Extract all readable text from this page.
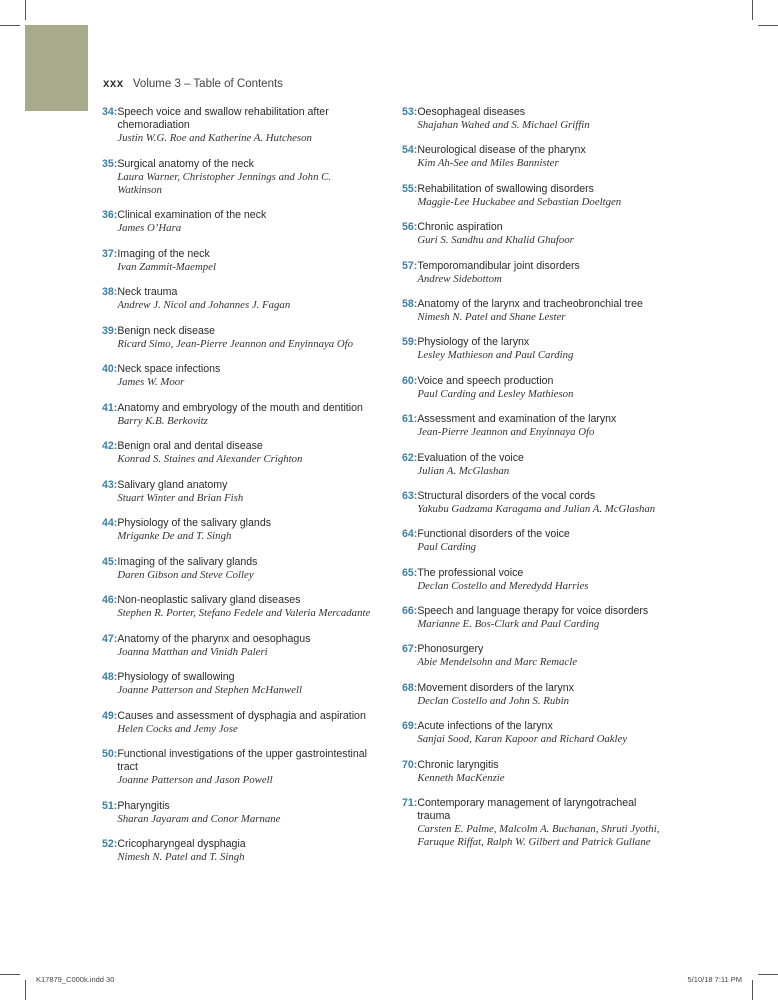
xxx Volume 3 – Table of Contents
34: Speech voice and swallow rehabilitation after chemoradiation
Justin W.G. Roe and Katherine A. Hutcheson
35: Surgical anatomy of the neck
Laura Warner, Christopher Jennings and John C. Watkinson
36: Clinical examination of the neck
James O’Hara
37: Imaging of the neck
Ivan Zammit-Maempel
38: Neck trauma
Andrew J. Nicol and Johannes J. Fagan
39: Benign neck disease
Ricard Simo, Jean-Pierre Jeannon and Enyinnaya Ofo
40: Neck space infections
James W. Moor
41: Anatomy and embryology of the mouth and dentition
Barry K.B. Berkovitz
42: Benign oral and dental disease
Konrad S. Staines and Alexander Crighton
43: Salivary gland anatomy
Stuart Winter and Brian Fish
44: Physiology of the salivary glands
Mriganke De and T. Singh
45: Imaging of the salivary glands
Daren Gibson and Steve Colley
46: Non-neoplastic salivary gland diseases
Stephen R. Porter, Stefano Fedele and Valeria Mercadante
47: Anatomy of the pharynx and oesophagus
Joanna Matthan and Vinidh Paleri
48: Physiology of swallowing
Joanne Patterson and Stephen McHanwell
49: Causes and assessment of dysphagia and aspiration
Helen Cocks and Jemy Jose
50: Functional investigations of the upper gastrointestinal tract
Joanne Patterson and Jason Powell
51: Pharyngitis
Sharan Jayaram and Conor Marnane
52: Cricopharyngeal dysphagia
Nimesh N. Patel and T. Singh
53: Oesophageal diseases
Shajahan Wahed and S. Michael Griffin
54: Neurological disease of the pharynx
Kim Ah-See and Miles Bannister
55: Rehabilitation of swallowing disorders
Maggie-Lee Huckabee and Sebastian Doeltgen
56: Chronic aspiration
Guri S. Sandhu and Khalid Ghufoor
57: Temporomandibular joint disorders
Andrew Sidebottom
58: Anatomy of the larynx and tracheobronchial tree
Nimesh N. Patel and Shane Lester
59: Physiology of the larynx
Lesley Mathieson and Paul Carding
60: Voice and speech production
Paul Carding and Lesley Mathieson
61: Assessment and examination of the larynx
Jean-Pierre Jeannon and Enyinnaya Ofo
62: Evaluation of the voice
Julian A. McGlashan
63: Structural disorders of the vocal cords
Yakubu Gadzama Karagama and Julian A. McGlashan
64: Functional disorders of the voice
Paul Carding
65: The professional voice
Declan Costello and Meredydd Harries
66: Speech and language therapy for voice disorders
Marianne E. Bos-Clark and Paul Carding
67: Phonosurgery
Abie Mendelsohn and Marc Remacle
68: Movement disorders of the larynx
Declan Costello and John S. Rubin
69: Acute infections of the larynx
Sanjai Sood, Karan Kapoor and Richard Oakley
70: Chronic laryngitis
Kenneth MacKenzie
71: Contemporary management of laryngotracheal trauma
Carsten E. Palme, Malcolm A. Buchanan, Shruti Jyothi, Faruque Riffat, Ralph W. Gilbert and Patrick Gullane
K17879_C000k.indd 30	5/10/18 7:11 PM
